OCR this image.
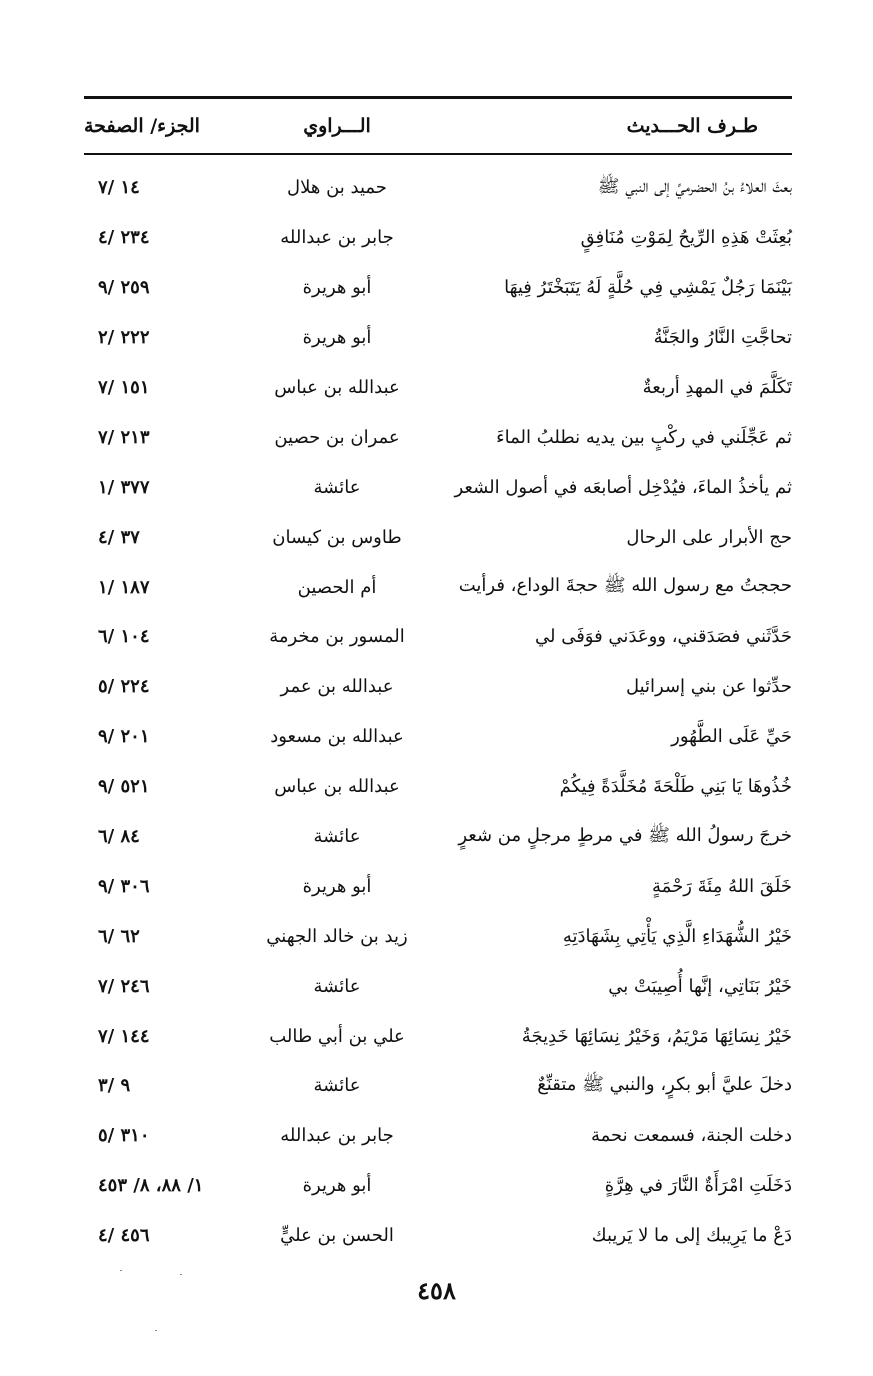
طـرف الحـــديث
الـــراوي
الجزء/ الصفحة
بعثَ العلاءُ بنُ الحضرميِّ إلى النبي ﷺ
حميد بن هلال
١٤ /٧
بُعِثَتْ هَذِهِ الرِّيحُ لِمَوْتِ مُنَافِقٍ
جابر بن عبدالله
٢٣٤ /٤
بَيْنَمَا رَجُلٌ يَمْشِي فِي حُلَّةٍ لَهُ يَتَبَخْتَرُ فِيهَا
أبو هريرة
٢٥٩ /٩
تحاجَّتِ النَّارُ والجَنَّةُ
أبو هريرة
٢٢٢ /٢
تَكَلَّمَ في المهدِ أربعةٌ
عبدالله بن عباس
١٥١ /٧
ثم عَجِّلَني في ركْبٍ بين يديه نطلبُ الماءَ
عمران بن حصين
٢١٣ /٧
ثم يأخذُ الماءَ، فيُدْخِل أصابعَه في أصول الشعر
عائشة
٣٧٧ /١
حج الأبرار على الرحال
طاوس بن كيسان
٣٧ /٤
حججتُ مع رسول الله ﷺ حجةَ الوداع، فرأيت
أم الحصين
١٨٧ /١
حَدَّثَني فصَدَقني، ووعَدَني فوَفَى لي
المسور بن مخرمة
١٠٤ /٦
حدِّثوا عن بني إسرائيل
عبدالله بن عمر
٢٢٤ /٥
حَيِّ عَلَى الطَّهُور
عبدالله بن مسعود
٢٠١ /٩
خُذُوهَا يَا بَنِي طَلْحَةَ مُخَلَّدَةً فِيكُمْ
عبدالله بن عباس
٥٢١ /٩
خرجَ رسولُ الله ﷺ في مرطٍ مرجلٍ من شعرٍ
عائشة
٨٤ /٦
خَلَقَ اللهُ مِئَةَ رَحْمَةٍ
أبو هريرة
٣٠٦ /٩
خَيْرُ الشُّهَدَاءِ الَّذِي يَأْتِي بِشَهَادَتِهِ
زيد بن خالد الجهني
٦٢ /٦
خَيْرُ بَنَاتِي، إنَّها أُصِيبَتْ بي
عائشة
٢٤٦ /٧
خَيْرُ نِسَائِهَا مَرْيَمُ، وَخَيْرُ نِسَائِهَا خَدِيجَةُ
علي بن أبي طالب
١٤٤ /٧
دخلَ عليَّ أبو بكرٍ، والنبي ﷺ متقنِّعٌ
عائشة
٩ /٣
دخلت الجنة، فسمعت نحمة
جابر بن عبدالله
٣١٠ /٥
دَخَلَتِ امْرَأَةٌ النَّارَ في هِرَّةٍ
أبو هريرة
١/ ٨٨، ٨/ ٤٥٣
دَعْ ما يَرِيبك إلى ما لا يَريبك
الحسن بن عليٍّ
٤٥٦ /٤
٤٥٨
